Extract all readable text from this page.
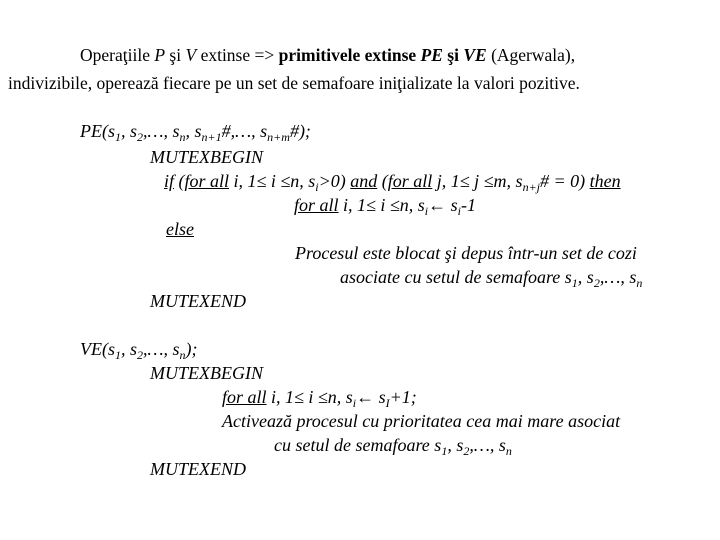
Operaţiile P şi V extinse => primitivele extinse PE şi VE (Agerwala),
indivizibile, operează fiecare pe un set de semafoare iniţializate la valori pozitive.
$PE(s_1$, $s_2,\dots$, $s_n$, $s_{n+1}\#,\dots$, $s_{n+m}\#$);
MUTEXBEGIN
if (for all i, 1≤ i ≤n, $s_i>0$) and (for all j, 1≤ j ≤m, $s_{n+j}\# = 0$) then
for all i, 1≤ i ≤n, $s_i\leftarrow$ $s_i-1$
else
Procesul este blocat şi depus într-un set de cozi
asociate cu setul de semafoare $s_1$, $s_2,\dots$, $s_n$
MUTEXEND
$VE(s_1$, $s_2,\dots$, $s_n$);
MUTEXBEGIN
for all i, 1≤ i ≤n, $s_i\leftarrow$ $s_I+1$;
Activează procesul cu prioritatea cea mai mare asociat
cu setul de semafoare $s_1$, $s_2,\dots$, $s_n$
MUTEXEND
